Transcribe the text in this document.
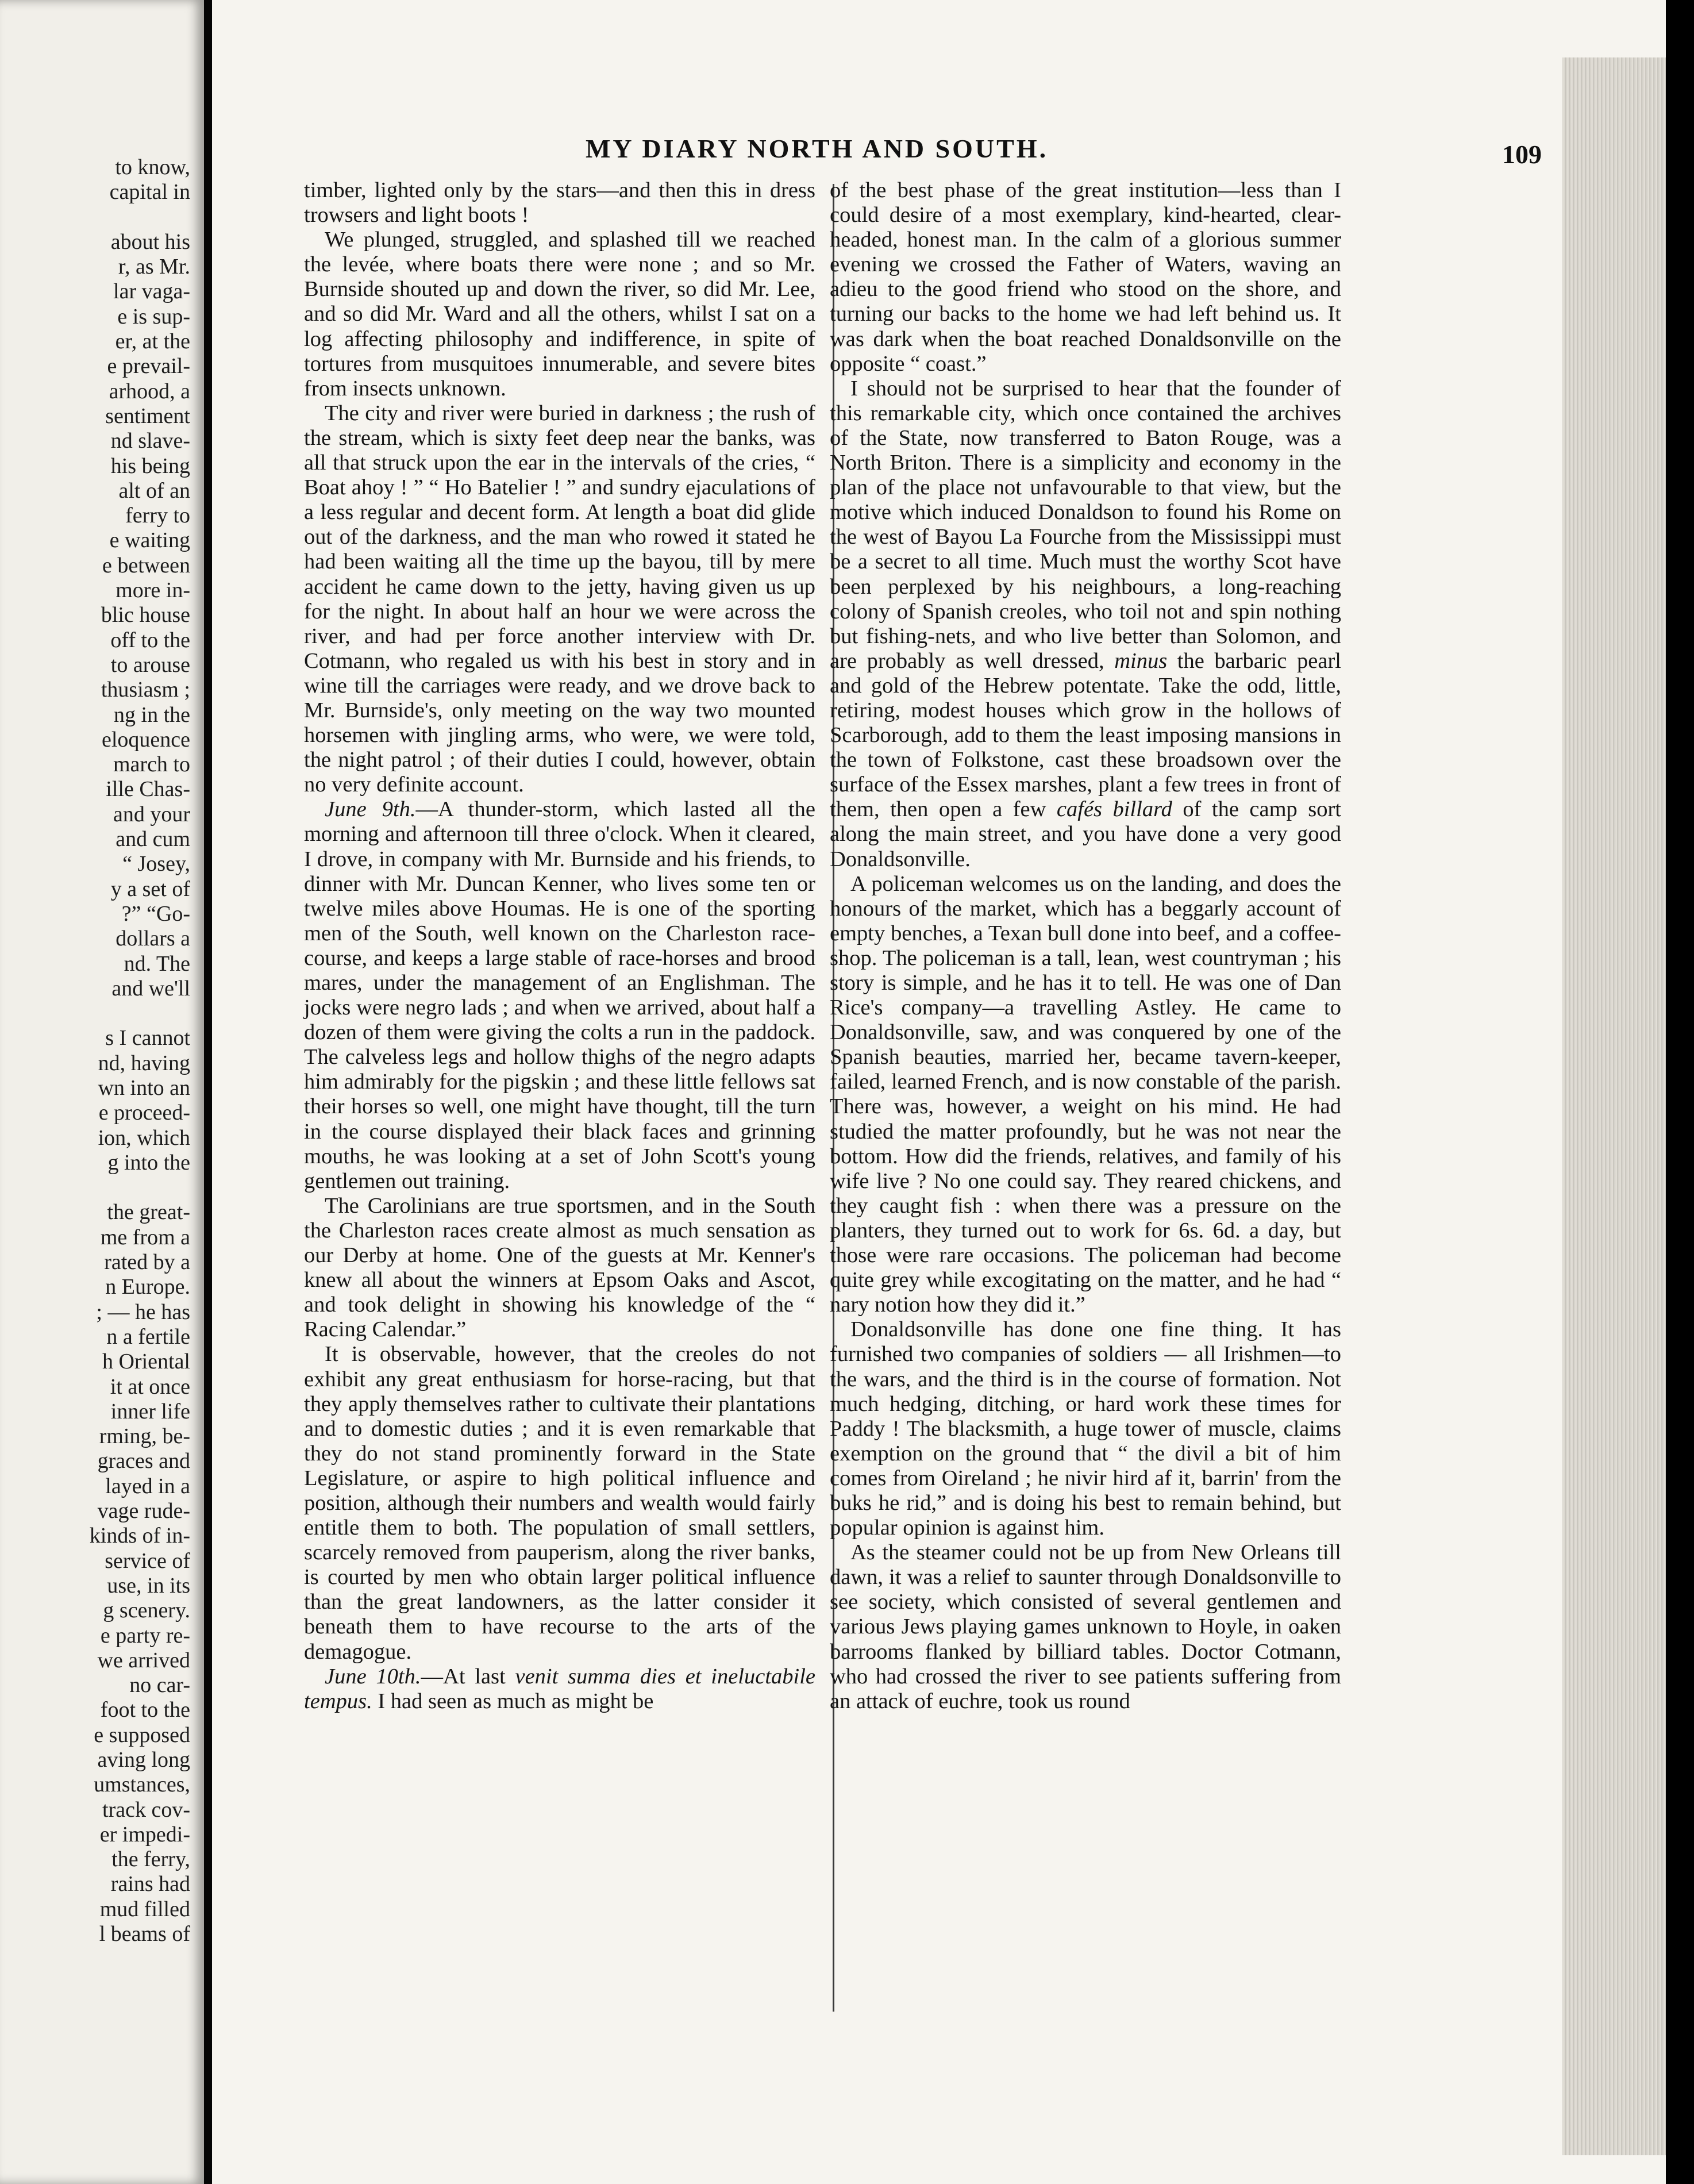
to know,
capital in
about his
r, as Mr.
lar vaga-
e is sup-
er, at the
e prevail-
arhood, a
sentiment
nd slave-
his being
alt of an
ferry to
e waiting
e between
more in-
blic house
off to the
to arouse
thusiasm ;
ng in the
eloquence
march to
ille Chas-
and your
and cum
“ Josey,
y a set of
?” “Go-
dollars a
nd. The
and we'll
s I cannot
nd, having
wn into an
e proceed-
ion, which
g into the
the great-
me from a
rated by a
n Europe.
; — he has
n a fertile
h Oriental
it at once
inner life
rming, be-
graces and
layed in a
vage rude-
kinds of in-
service of
use, in its
g scenery.
e party re-
we arrived
no car-
foot to the
e supposed
aving long
umstances,
track cov-
er impedi-
the ferry,
rains had
mud filled
l beams of
MY DIARY NORTH AND SOUTH.	109

timber, lighted only by the stars—and then this in dress trowsers and light boots !

We plunged, struggled, and splashed till we reached the levée, where boats there were none ; and so Mr. Burnside shouted up and down the river, so did Mr. Lee, and so did Mr. Ward and all the others, whilst I sat on a log affecting philosophy and indifference, in spite of tortures from musquitoes innumerable, and severe bites from insects unknown.

The city and river were buried in darkness ; the rush of the stream, which is sixty feet deep near the banks, was all that struck upon the ear in the intervals of the cries, “ Boat ahoy ! ” “ Ho Batelier ! ” and sundry ejaculations of a less regular and decent form. At length a boat did glide out of the darkness, and the man who rowed it stated he had been waiting all the time up the bayou, till by mere accident he came down to the jetty, having given us up for the night. In about half an hour we were across the river, and had per force another interview with Dr. Cotmann, who regaled us with his best in story and in wine till the carriages were ready, and we drove back to Mr. Burnside's, only meeting on the way two mounted horsemen with jingling arms, who were, we were told, the night patrol ; of their duties I could, however, obtain no very definite account.

June 9th.—A thunder-storm, which lasted all the morning and afternoon till three o'clock. When it cleared, I drove, in company with Mr. Burnside and his friends, to dinner with Mr. Duncan Kenner, who lives some ten or twelve miles above Houmas. He is one of the sporting men of the South, well known on the Charleston race-course, and keeps a large stable of race-horses and brood mares, under the management of an Englishman. The jocks were negro lads ; and when we arrived, about half a dozen of them were giving the colts a run in the paddock. The calveless legs and hollow thighs of the negro adapts him admirably for the pigskin ; and these little fellows sat their horses so well, one might have thought, till the turn in the course displayed their black faces and grinning mouths, he was looking at a set of John Scott's young gentlemen out training.

The Carolinians are true sportsmen, and in the South the Charleston races create almost as much sensation as our Derby at home. One of the guests at Mr. Kenner's knew all about the winners at Epsom Oaks and Ascot, and took delight in showing his knowledge of the “ Racing Calendar.”

It is observable, however, that the creoles do not exhibit any great enthusiasm for horse-racing, but that they apply themselves rather to cultivate their plantations and to domestic duties ; and it is even remarkable that they do not stand prominently forward in the State Legislature, or aspire to high political influence and position, although their numbers and wealth would fairly entitle them to both. The population of small settlers, scarcely removed from pauperism, along the river banks, is courted by men who obtain larger political influence than the great landowners, as the latter consider it beneath them to have recourse to the arts of the demagogue.

June 10th.—At last venit summa dies et ineluctabile tempus. I had seen as much as might be

of the best phase of the great institution—less than I could desire of a most exemplary, kind-hearted, clear-headed, honest man. In the calm of a glorious summer evening we crossed the Father of Waters, waving an adieu to the good friend who stood on the shore, and turning our backs to the home we had left behind us. It was dark when the boat reached Donaldsonville on the opposite “ coast.”

I should not be surprised to hear that the founder of this remarkable city, which once contained the archives of the State, now transferred to Baton Rouge, was a North Briton. There is a simplicity and economy in the plan of the place not unfavourable to that view, but the motive which induced Donaldson to found his Rome on the west of Bayou La Fourche from the Mississippi must be a secret to all time. Much must the worthy Scot have been perplexed by his neighbours, a long-reaching colony of Spanish creoles, who toil not and spin nothing but fishing-nets, and who live better than Solomon, and are probably as well dressed, minus the barbaric pearl and gold of the Hebrew potentate. Take the odd, little, retiring, modest houses which grow in the hollows of Scarborough, add to them the least imposing mansions in the town of Folkstone, cast these broadsown over the surface of the Essex marshes, plant a few trees in front of them, then open a few cafés billard of the camp sort along the main street, and you have done a very good Donaldsonville.

A policeman welcomes us on the landing, and does the honours of the market, which has a beggarly account of empty benches, a Texan bull done into beef, and a coffee-shop. The policeman is a tall, lean, west countryman ; his story is simple, and he has it to tell. He was one of Dan Rice's company—a travelling Astley. He came to Donaldsonville, saw, and was conquered by one of the Spanish beauties, married her, became tavern-keeper, failed, learned French, and is now constable of the parish. There was, however, a weight on his mind. He had studied the matter profoundly, but he was not near the bottom. How did the friends, relatives, and family of his wife live ? No one could say. They reared chickens, and they caught fish : when there was a pressure on the planters, they turned out to work for 6s. 6d. a day, but those were rare occasions. The policeman had become quite grey while excogitating on the matter, and he had “ nary notion how they did it.”

Donaldsonville has done one fine thing. It has furnished two companies of soldiers — all Irishmen—to the wars, and the third is in the course of formation. Not much hedging, ditching, or hard work these times for Paddy ! The blacksmith, a huge tower of muscle, claims exemption on the ground that “ the divil a bit of him comes from Oireland ; he nivir hird af it, barrin' from the buks he rid,” and is doing his best to remain behind, but popular opinion is against him.

As the steamer could not be up from New Orleans till dawn, it was a relief to saunter through Donaldsonville to see society, which consisted of several gentlemen and various Jews playing games unknown to Hoyle, in oaken barrooms flanked by billiard tables. Doctor Cotmann, who had crossed the river to see patients suffering from an attack of euchre, took us round
